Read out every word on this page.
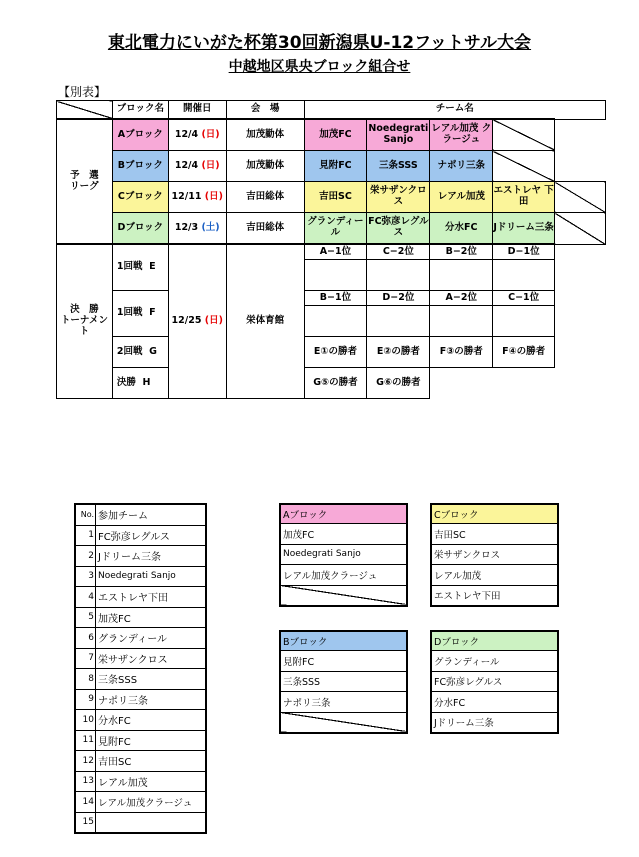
東北電力にいがた杯第30回新潟県U-12フットサル大会
中越地区県央ブロック組合せ
【別表】
	ブロック名	開催日	会　場	チーム名				
予　選
リーグ	Aブロック	12/4 (日)	加茂勤体	加茂FC	Noedegrati Sanjo	レアル加茂 クラージュ		
	Bブロック	12/4 (日)	加茂勤体	見附FC	三条SSS	ナポリ三条		
	Cブロック	12/11 (日)	吉田総体	吉田SC	栄サザンクロス	レアル加茂	エストレヤ 下田	
	Dブロック	12/3 (土)	吉田総体	グランディール	FC弥彦レグルス	分水FC	Jドリーム三条	
決　勝
トーナメント	1回戦 E	12/25 (日)	栄体育館	A−1位	C−2位	B−2位	D−1位	

	1回戦 F			B−1位	D−2位	A−2位	C−1位	

	2回戦 G			E①の勝者	E②の勝者	F③の勝者	F④の勝者	
	決勝 H			G⑤の勝者	G⑥の勝者			

No.	参加チーム
1	FC弥彦レグルス
2	Jドリーム三条
3	Noedegrati Sanjo
4	エストレヤ下田
5	加茂FC
6	グランディール
7	栄サザンクロス
8	三条SSS
9	ナポリ三条
10	分水FC
11	見附FC
12	吉田SC
13	レアル加茂
14	レアル加茂クラージュ
15	
Aブロック
加茂FC
Noedegrati Sanjo
レアル加茂クラージュ

Cブロック
吉田SC
栄サザンクロス
レアル加茂
エストレヤ下田
Bブロック
見附FC
三条SSS
ナポリ三条

Dブロック
グランディール
FC弥彦レグルス
分水FC
Jドリーム三条
